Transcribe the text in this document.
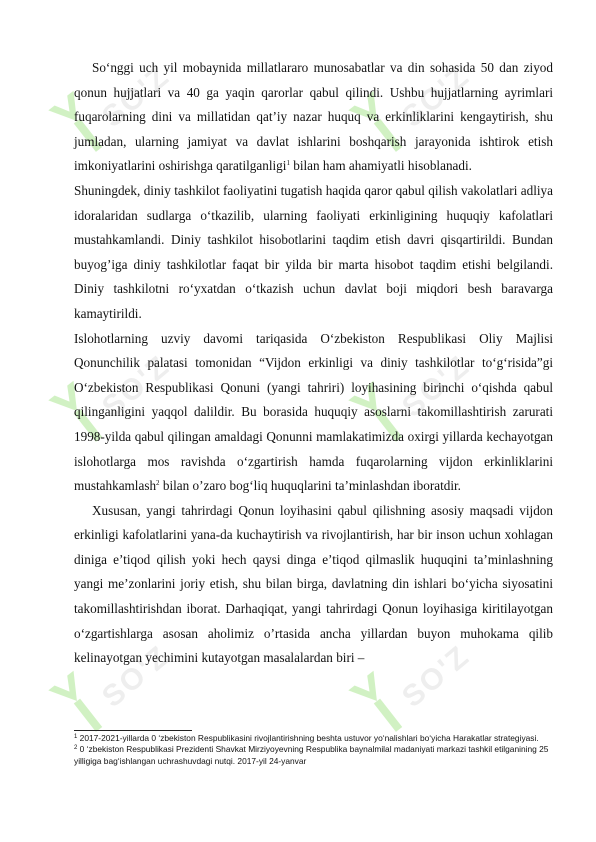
SO'Z	SO'Z
SO'Z	SO'Z
SO'Z	SO'Z

So‘nggi uch yil mobaynida millatlararo munosabatlar va din sohasida 50 dan ziyod qonun hujjatlari va 40 ga yaqin qarorlar qabul qilindi. Ushbu hujjatlarning ayrimlari fuqarolarning dini va millatidan qat’iy nazar huquq va erkinliklarini kengaytirish, shu jumladan, ularning jamiyat va davlat ishlarini boshqarish jarayonida ishtirok etish imkoniyatlarini oshirishga qaratilganligi$^1$ bilan ham ahamiyatli hisoblanadi.

Shuningdek, diniy tashkilot faoliyatini tugatish haqida qaror qabul qilish vakolatlari adliya idoralaridan sudlarga o‘tkazilib, ularning faoliyati erkinligining huquqiy kafolatlari mustahkamlandi. Diniy tashkilot hisobotlarini taqdim etish davri qisqartirildi. Bundan buyog’iga diniy tashkilotlar faqat bir yilda bir marta hisobot taqdim etishi belgilandi. Diniy tashkilotni ro‘yxatdan o‘tkazish uchun davlat boji miqdori besh baravarga kamaytirildi.

Islohotlarning uzviy davomi tariqasida O‘zbekiston Respublikasi Oliy Majlisi Qonunchilik palatasi tomonidan “Vijdon erkinligi va diniy tashkilotlar to‘g‘risida”gi O‘zbekiston Respublikasi Qonuni (yangi tahriri) loyihasining birinchi o‘qishda qabul qilinganligini yaqqol dalildir. Bu borasida huquqiy asoslarni takomillashtirish zarurati 1998-yilda qabul qilingan amaldagi Qonunni mamlakatimizda oxirgi yillarda kechayotgan islohotlarga mos ravishda o‘zgartirish hamda fuqarolarning vijdon erkinliklarini mustahkamlash$^2$ bilan o’zaro bog‘liq huquqlarini ta’minlashdan iboratdir.

Xususan, yangi tahrirdagi Qonun loyihasini qabul qilishning asosiy maqsadi vijdon erkinligi kafolatlarini yana-da kuchaytirish va rivojlantirish, har bir inson uchun xohlagan diniga e’tiqod qilish yoki hech qaysi dinga e’tiqod qilmaslik huquqini ta’minlashning yangi me’zonlarini joriy etish, shu bilan birga, davlatning din ishlari bo‘yicha siyosatini takomillashtirishdan iborat. Darhaqiqat, yangi tahrirdagi Qonun loyihasiga kiritilayotgan o‘zgartishlarga asosan aholimiz o’rtasida ancha yillardan buyon muhokama qilib kelinayotgan yechimini kutayotgan masalalardan biri –

$^1$ 2017-2021-yillarda 0 ‘zbekiston Respublikasini rivojlantirishning beshta ustuvor yo‘nalishlari bo‘yicha Harakatlar strategiyasi.

$^2$ 0 ‘zbekiston Respublikasi Prezidenti Shavkat Mirziyoyevning Respublika baynalmilal madaniyati markazi tashkil etilganining 25 yilligiga bag‘ishlangan uchrashuvdagi nutqi. 2017-yil 24-yanvar
